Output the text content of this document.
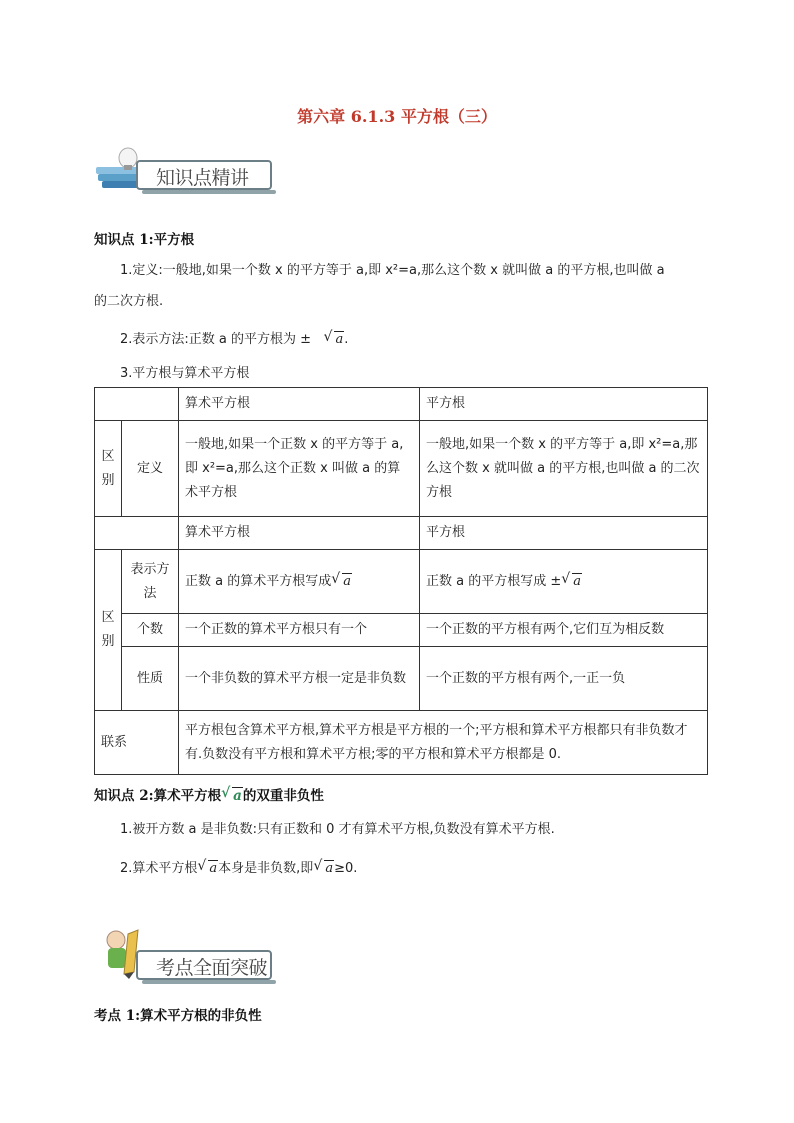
第六章 6.1.3 平方根（三）
知识点精讲
知识点 1:平方根
1.定义:一般地,如果一个数 x 的平方等于 a,即 x²=a,那么这个数 x 就叫做 a 的平方根,也叫做 a
的二次方根.
2.表示方法:正数 a 的平方根为 ± √ a.
3.平方根与算术平方根
		算术平方根	平方根
区别	定义	一般地,如果一个正数 x 的平方等于 a,即 x²=a,那么这个正数 x 叫做 a 的算术平方根	一般地,如果一个数 x 的平方等于 a,即 x²=a,那么这个数 x 就叫做 a 的平方根,也叫做 a 的二次方根
		算术平方根	平方根
区别	表示方法	正数 a 的算术平方根写成 √ a	正数 a 的平方根写成 ± √ a
	个数	一个正数的算术平方根只有一个	一个正数的平方根有两个,它们互为相反数
	性质	一个非负数的算术平方根一定是非负数	一个正数的平方根有两个,一正一负
联系		平方根包含算术平方根,算术平方根是平方根的一个;平方根和算术平方根都只有非负数才有.负数没有平方根和算术平方根;零的平方根和算术平方根都是 0.	
知识点 2:算术平方根 √ a的双重非负性
1.被开方数 a 是非负数:只有正数和 0 才有算术平方根,负数没有算术平方根.
2.算术平方根 √ a本身是非负数,即 √ a≥0.
考点全面突破
考点 1:算术平方根的非负性
